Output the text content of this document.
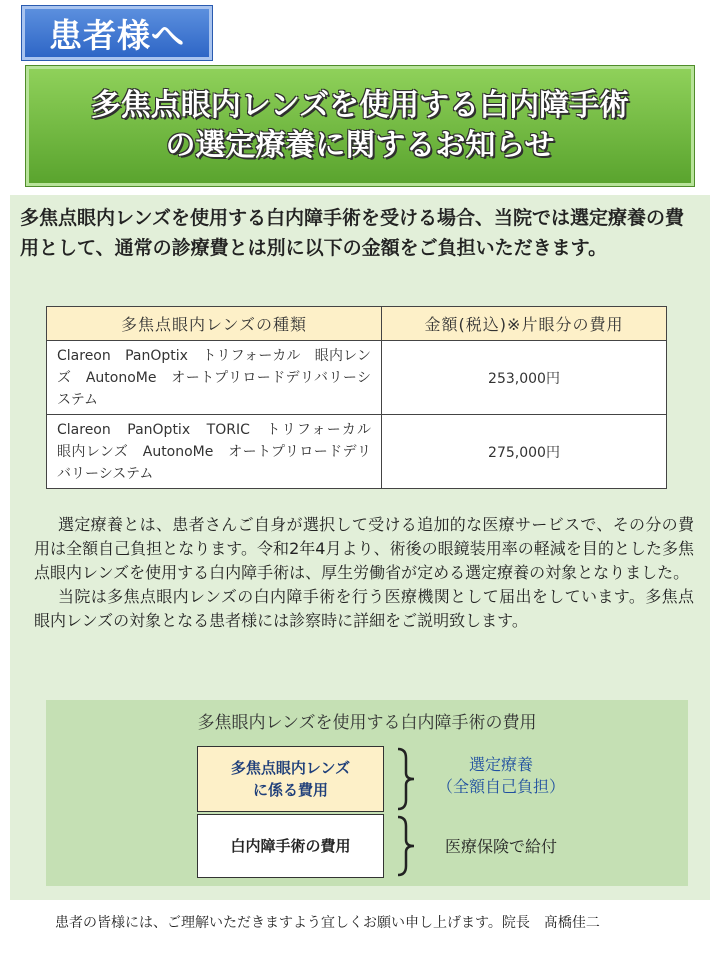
患者様へ
多焦点眼内レンズを使用する白内障手術
の選定療養に関するお知らせ
多焦点眼内レンズを使用する白内障手術を受ける場合、当院では選定療養の費用として、通常の診療費とは別に以下の金額をご負担いただきます。
多焦点眼内レンズの種類	金額(税込)※片眼分の費用
Clareon　PanOptix　トリフォーカル　眼内レンズ　AutonoMe　オートプリロードデリバリーシステム	253,000円
Clareon　PanOptix　TORIC　トリフォーカル　眼内レンズ　AutonoMe　オートプリロードデリバリーシステム	275,000円

選定療養とは、患者さんご自身が選択して受ける追加的な医療サービスで、その分の費用は全額自己負担となります。令和2年4月より、術後の眼鏡装用率の軽減を目的とした多焦点眼内レンズを使用する白内障手術は、厚生労働省が定める選定療養の対象となりました。

当院は多焦点眼内レンズの白内障手術を行う医療機関として届出をしています。多焦点眼内レンズの対象となる患者様には診察時に詳細をご説明致します。

多焦眼内レンズを使用する白内障手術の費用
多焦点眼内レンズ
に係る費用
白内障手術の費用
選定療養
（全額自己負担）
医療保険で給付
患者の皆様には、ご理解いただきますよう宜しくお願い申し上げます。院長　髙橋佳二
